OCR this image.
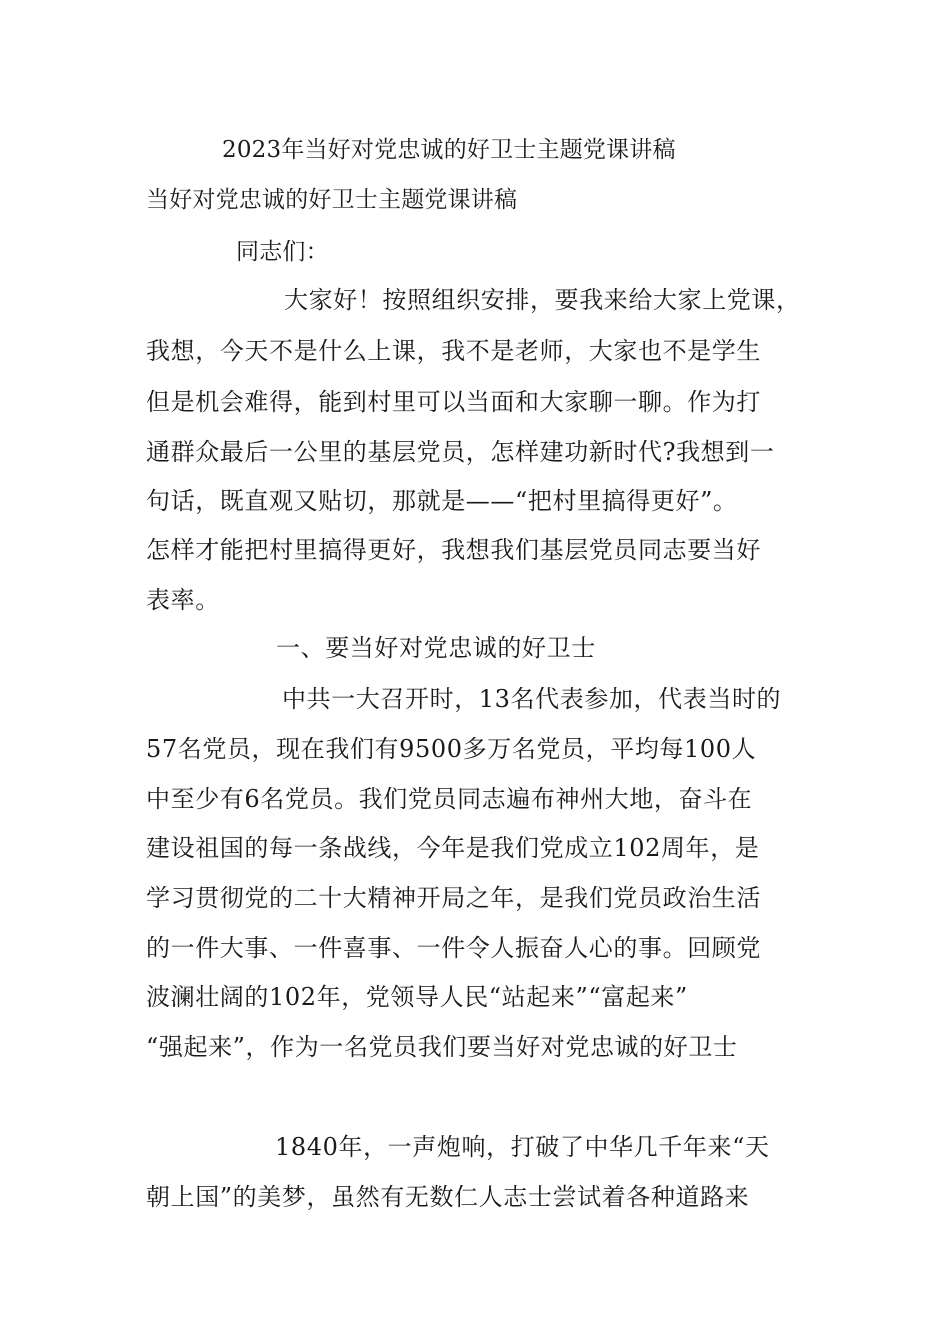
2023年当好对党忠诚的好卫士主题党课讲稿
当好对党忠诚的好卫士主题党课讲稿
同志们：
大家好！按照组织安排，要我来给大家上党课，
我想，今天不是什么上课，我不是老师，大家也不是学生
但是机会难得，能到村里可以当面和大家聊一聊。作为打
通群众最后一公里的基层党员，怎样建功新时代?我想到一
句话，既直观又贴切，那就是——“把村里搞得更好”。
怎样才能把村里搞得更好，我想我们基层党员同志要当好
表率。
一、要当好对党忠诚的好卫士
中共一大召开时，13名代表参加，代表当时的
57名党员，现在我们有9500多万名党员，平均每100人
中至少有6名党员。我们党员同志遍布神州大地，奋斗在
建设祖国的每一条战线，今年是我们党成立102周年，是
学习贯彻党的二十大精神开局之年，是我们党员政治生活
的一件大事、一件喜事、一件令人振奋人心的事。回顾党
波澜壮阔的102年，党领导人民“站起来”“富起来”
“强起来”，作为一名党员我们要当好对党忠诚的好卫士
1840年，一声炮响，打破了中华几千年来“天
朝上国”的美梦，虽然有无数仁人志士尝试着各种道路来
